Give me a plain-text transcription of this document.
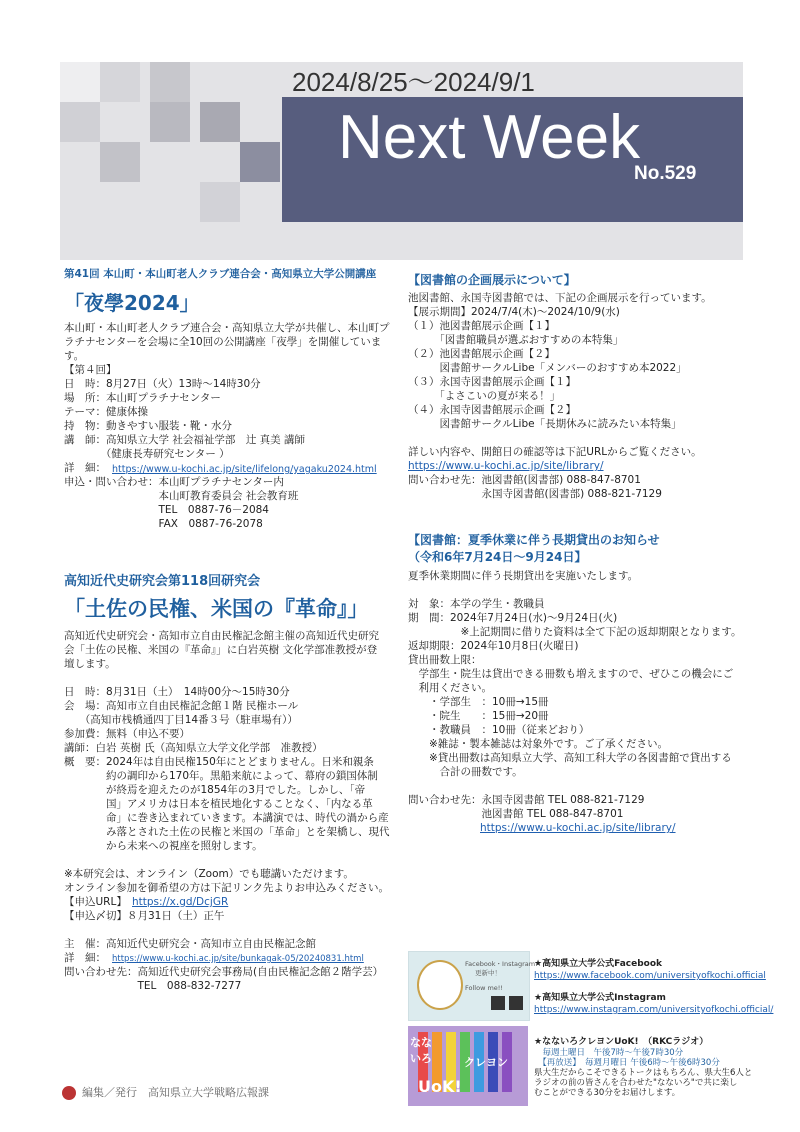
2024/8/25～2024/9/1
Next Week
No.529
第41回 本山町・本山町老人クラブ連合会・高知県立大学公開講座
「夜學2024」
本山町・本山町老人クラブ連合会・高知県立大学が共催し、本山町プ
ラチナセンターを会場に全10回の公開講座「夜學」を開催していま
す。
【第４回】
日　時：8月27日（火）13時～14時30分
場　所：本山町プラチナセンター
テーマ：健康体操
持　物：動きやすい服装・靴・水分
講　師：高知県立大学 社会福祉学部　辻 真美 講師
　　　　（健康長寿研究センター ）
詳　細： https://www.u-kochi.ac.jp/site/lifelong/yagaku2024.html
申込・問い合わせ：本山町プラチナセンター内
　　　　　　　　　本山町教育委員会 社会教育班
　　　　　　　　　TEL　0887-76－2084
　　　　　　　　　FAX　0887-76-2078
高知近代史研究会第118回研究会
「土佐の民権、米国の『革命』」
高知近代史研究会・高知市立自由民権記念館主催の高知近代史研究
会「土佐の民権、米国の『革命』」に白岩英樹 文化学部准教授が登
壇します。
日　時：8月31日（土）　14時00分～15時30分
会　場：高知市立自由民権記念館１階 民権ホール
　　（高知市桟橋通四丁目14番３号（駐車場有））
参加費：無料（申込不要）
講師：白岩 英樹 氏（高知県立大学文化学部　准教授）
概　要：2024年は自由民権150年にとどまりません。日米和親条
　　　　約の調印から170年。黒船来航によって、幕府の鎖国体制
　　　　が終焉を迎えたのが1854年の3月でした。しかし、「帝
　　　　国」アメリカは日本を植民地化することなく、「内なる革
　　　　命」に巻き込まれていきます。本講演では、時代の渦から産
　　　　み落とされた土佐の民権と米国の「革命」とを架橋し、現代
　　　　から未来への視座を照射します。
※本研究会は、オンライン（Zoom）でも聴講いただけます。
オンライン参加を御希望の方は下記リンク先よりお申込みください。
【申込URL】 https://x.gd/DcjGR
【申込〆切】８月31日（土）正午
主　催：高知近代史研究会・高知市立自由民権記念館
詳　細： https://www.u-kochi.ac.jp/site/bunkagak-05/20240831.html
問い合わせ先：高知近代史研究会事務局(自由民権記念館２階学芸）
　　　　　　　TEL　088-832-7277
編集／発行　高知県立大学戦略広報課
【図書館の企画展示について】
池図書館、永国寺図書館では、下記の企画展示を行っています。
【展示期間】2024/7/4(木)～2024/10/9(水)
（１）池図書館展示企画【１】
　　　「図書館職員が選ぶおすすめの本特集」
（２）池図書館展示企画【２】
　　　図書館サークルLibe「メンバーのおすすめ本2022」
（３）永国寺図書館展示企画【１】
　　　「よさこいの夏が来る！」
（４）永国寺図書館展示企画【２】
　　　図書館サークルLibe「長期休みに読みたい本特集」
詳しい内容や、開館日の確認等は下記URLからご覧ください。
https://www.u-kochi.ac.jp/site/library/
問い合わせ先：池図書館(図書部) 088-847-8701
　　　　　　　永国寺図書館(図書部) 088-821-7129
【図書館：夏季休業に伴う長期貸出のお知らせ
（令和6年7月24日～9月24日】
夏季休業期間に伴う長期貸出を実施いたします。
対　象：本学の学生・教職員
期　間：2024年7月24日(水)～9月24日(火)
　　　　　※上記期間に借りた資料は全て下記の返却期限となります。
返却期限：2024年10月8日(火曜日)
貸出冊数上限：
　学部生・院生は貸出できる冊数も増えますので、ぜひこの機会にご
　利用ください。
　　・学部生　：10冊→15冊
　　・院生　　：15冊→20冊
　　・教職員　：10冊（従来どおり）
　　※雑誌・製本雑誌は対象外です。ご了承ください。
　　※貸出冊数は高知県立大学、高知工科大学の各図書館で貸出する
　　　合計の冊数です。
問い合わせ先：永国寺図書館 TEL 088-821-7129
　　　　　　　池図書館 TEL 088-847-8701
https://www.u-kochi.ac.jp/site/library/
Facebook・Instagram
更新中！
Follow me!!
★高知県立大学公式Facebook
https://www.facebook.com/universityofkochi.official
★高知県立大学公式Instagram
https://www.instagram.com/universityofkochi.official/
なな
いろ	クレヨン
UoK!
★なないろクレヨンUoK!　（RKCラジオ）
　毎週土曜日　午後7時～午後7時30分
　【再放送】　毎週月曜日 午後6時～午後6時30分
県大生だからこそできるトークはもちろん、県大生6人と
ラジオの前の皆さんを合わせた"なないろ"で共に楽し
むことができる30分をお届けします。
